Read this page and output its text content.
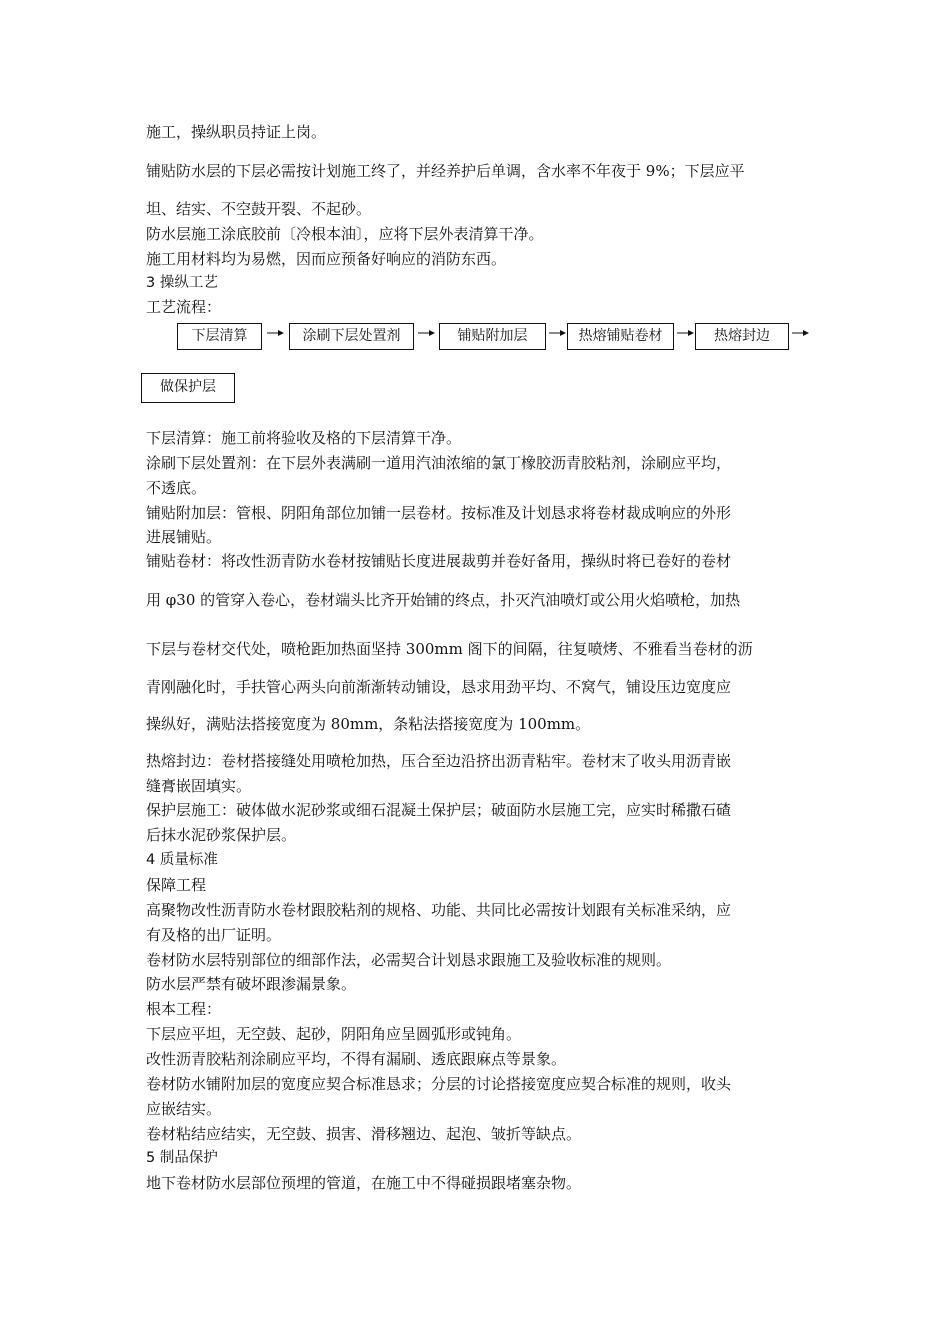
施工，操纵职员持证上岗。
铺贴防水层的下层必需按计划施工终了，并经养护后单调，含水率不年夜于 9%；下层应平
坦、结实、不空鼓开裂、不起砂。
防水层施工涂底胶前〔冷根本油〕，应将下层外表清算干净。
施工用材料均为易燃，因而应预备好响应的消防东西。
3 操纵工艺
工艺流程：
下层清算	涂刷下层处置剂	铺贴附加层	热熔铺贴卷材	热熔封边
做保护层
下层清算：施工前将验收及格的下层清算干净。
涂刷下层处置剂：在下层外表满刷一道用汽油浓缩的氯丁橡胶沥青胶粘剂，涂刷应平均，
不透底。
铺贴附加层：管根、阴阳角部位加铺一层卷材。按标准及计划恳求将卷材裁成响应的外形
进展铺贴。
铺贴卷材：将改性沥青防水卷材按铺贴长度进展裁剪并卷好备用，操纵时将已卷好的卷材
用 φ30 的管穿入卷心，卷材端头比齐开始铺的终点，扑灭汽油喷灯或公用火焰喷枪，加热
下层与卷材交代处，喷枪距加热面坚持 300mm 阁下的间隔，往复喷烤、不雅看当卷材的沥
青刚融化时，手扶管心两头向前渐渐转动铺设，恳求用劲平均、不窝气，铺设压边宽度应
操纵好，满贴法搭接宽度为 80mm，条粘法搭接宽度为 100mm。
热熔封边：卷材搭接缝处用喷枪加热，压合至边沿挤出沥青粘牢。卷材末了收头用沥青嵌
缝膏嵌固填实。
保护层施工：破体做水泥砂浆或细石混凝土保护层；破面防水层施工完，应实时稀撒石碴
后抹水泥砂浆保护层。
4 质量标准
保障工程
高聚物改性沥青防水卷材跟胶粘剂的规格、功能、共同比必需按计划跟有关标准采纳，应
有及格的出厂证明。
卷材防水层特别部位的细部作法，必需契合计划恳求跟施工及验收标准的规则。
防水层严禁有破坏跟渗漏景象。
根本工程：
下层应平坦，无空鼓、起砂，阴阳角应呈圆弧形或钝角。
改性沥青胶粘剂涂刷应平均，不得有漏刷、透底跟麻点等景象。
卷材防水铺附加层的宽度应契合标准恳求；分层的讨论搭接宽度应契合标准的规则，收头
应嵌结实。
卷材粘结应结实，无空鼓、损害、滑移翘边、起泡、皱折等缺点。
5 制品保护
地下卷材防水层部位预埋的管道，在施工中不得碰损跟堵塞杂物。
